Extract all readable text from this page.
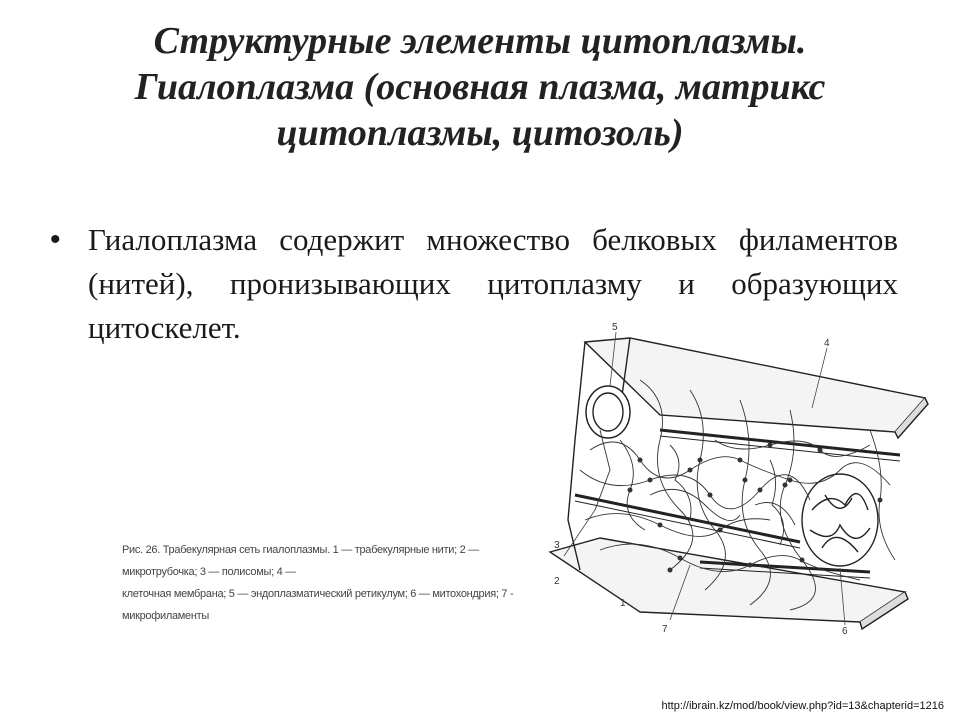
Структурные элементы цитоплазмы.
Гиалоплазма (основная плазма, матрикс
цитоплазмы, цитозоль)
• Гиалоплазма содержит множество белковых филаментов (нитей), пронизывающих цитоплазму и образующих цитоскелет.
Рис. 26. Трабекулярная сеть гиалоплазмы. 1 — трабекулярные нити; 2 — микротрубочка; 3 — полисомы; 4 —
клеточная мембрана; 5 — эндоплазматический ретикулум; 6 — митохондрия; 7 - микрофиламенты
5
4
3
2
1
7	6
http://ibrain.kz/mod/book/view.php?id=13&chapterid=1216
